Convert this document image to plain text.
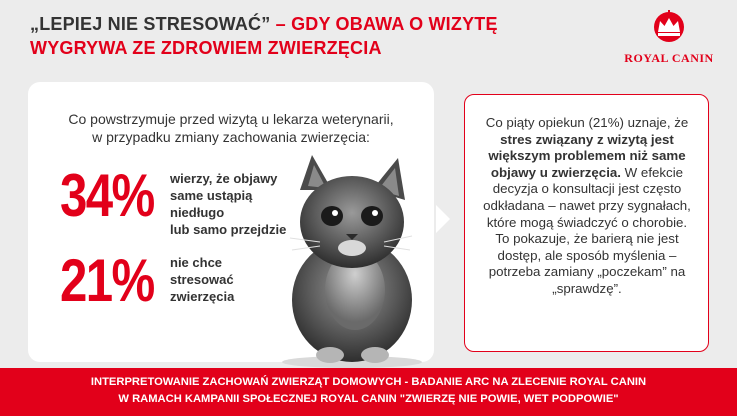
„LEPIEJ NIE STRESOWAĆ” – GDY OBAWA O WIZYTĘ WYGRYWA ZE ZDROWIEM ZWIERZĘCIA	ROYAL CANIN
Co powstrzymuje przed wizytą u lekarza weterynarii,
w przypadku zmiany zachowania zwierzęcia:
34% wierzy, że objawy
same ustąpią niedługo
lub samo przejdzie
21% nie chce
stresować
zwierzęcia
Co piąty opiekun (21%) uznaje, że stres związany z wizytą jest większym problemem niż same objawy u zwierzęcia. W efekcie decyzja o konsultacji jest często odkładana – nawet przy sygnałach, które mogą świadczyć o chorobie.
To pokazuje, że barierą nie jest dostęp, ale sposób myślenia – potrzeba zamiany „poczekam” na „sprawdzę”.
INTERPRETOWANIE ZACHOWAŃ ZWIERZĄT DOMOWYCH - BADANIE ARC NA ZLECENIE ROYAL CANIN
W RAMACH KAMPANII SPOŁECZNEJ ROYAL CANIN "ZWIERZĘ NIE POWIE, WET PODPOWIE"
